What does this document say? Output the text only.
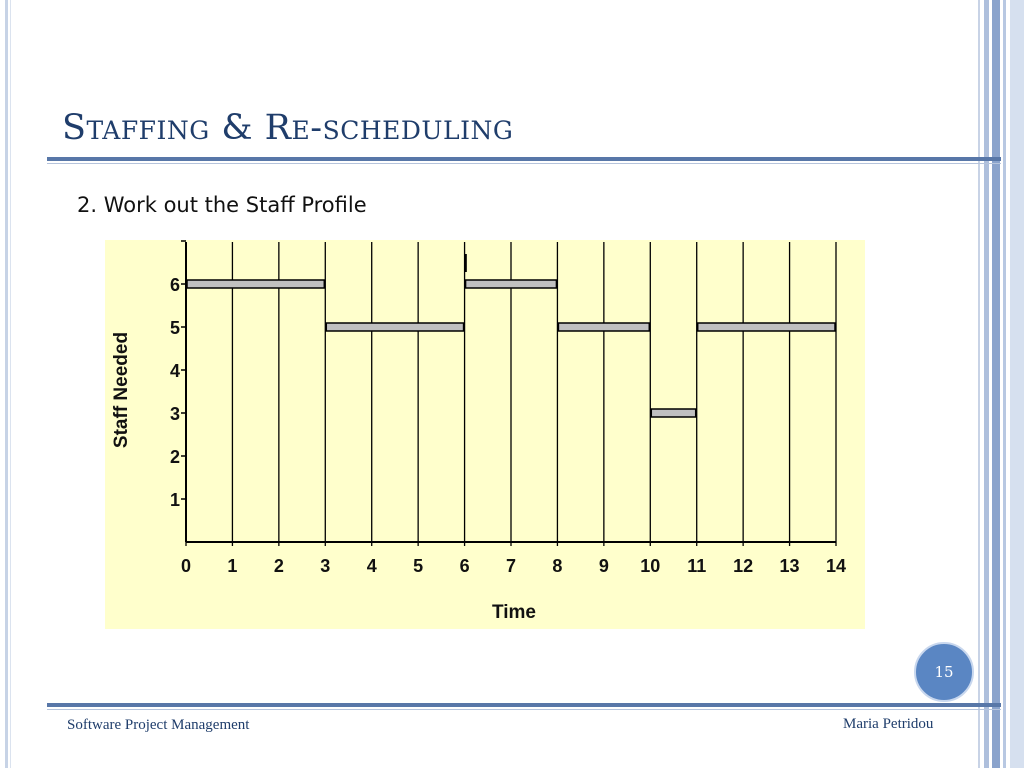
Staffing & Re-scheduling

2. Work out the Staff Profile

0 1 2 3 4 5 6 7 8 9 10 11 12 13 14
1
2
3
4
5
6
Time
Staff Needed
15
Software Project Management	Maria Petridou
